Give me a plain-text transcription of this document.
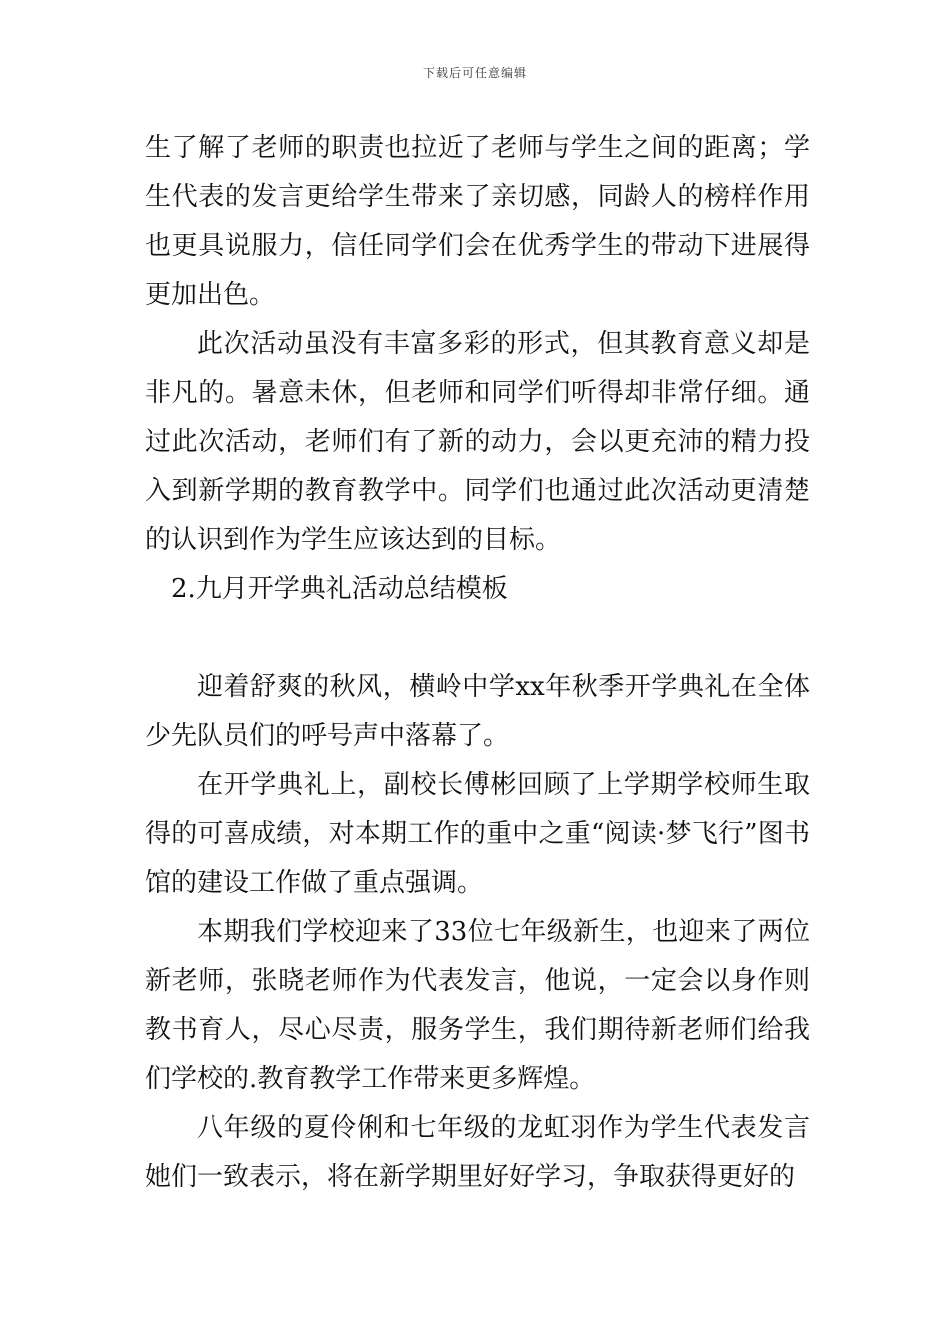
下载后可任意编辑

生了解了老师的职责也拉近了老师与学生之间的距离；学生代表的发言更给学生带来了亲切感，同龄人的榜样作用也更具说服力，信任同学们会在优秀学生的带动下进展得更加出色。

此次活动虽没有丰富多彩的形式，但其教育意义却是非凡的。暑意未休，但老师和同学们听得却非常仔细。通过此次活动，老师们有了新的动力，会以更充沛的精力投入到新学期的教育教学中。同学们也通过此次活动更清楚的认识到作为学生应该达到的目标。

2.九月开学典礼活动总结模板

迎着舒爽的秋风，横岭中学xx年秋季开学典礼在全体少先队员们的呼号声中落幕了。

在开学典礼上，副校长傅彬回顾了上学期学校师生取得的可喜成绩，对本期工作的重中之重“阅读·梦飞行”图书馆的建设工作做了重点强调。

本期我们学校迎来了33位七年级新生，也迎来了两位新老师，张晓老师作为代表发言，他说，一定会以身作则教书育人，尽心尽责，服务学生，我们期待新老师们给我们学校的.教育教学工作带来更多辉煌。

八年级的夏伶俐和七年级的龙虹羽作为学生代表发言她们一致表示，将在新学期里好好学习，争取获得更好的
